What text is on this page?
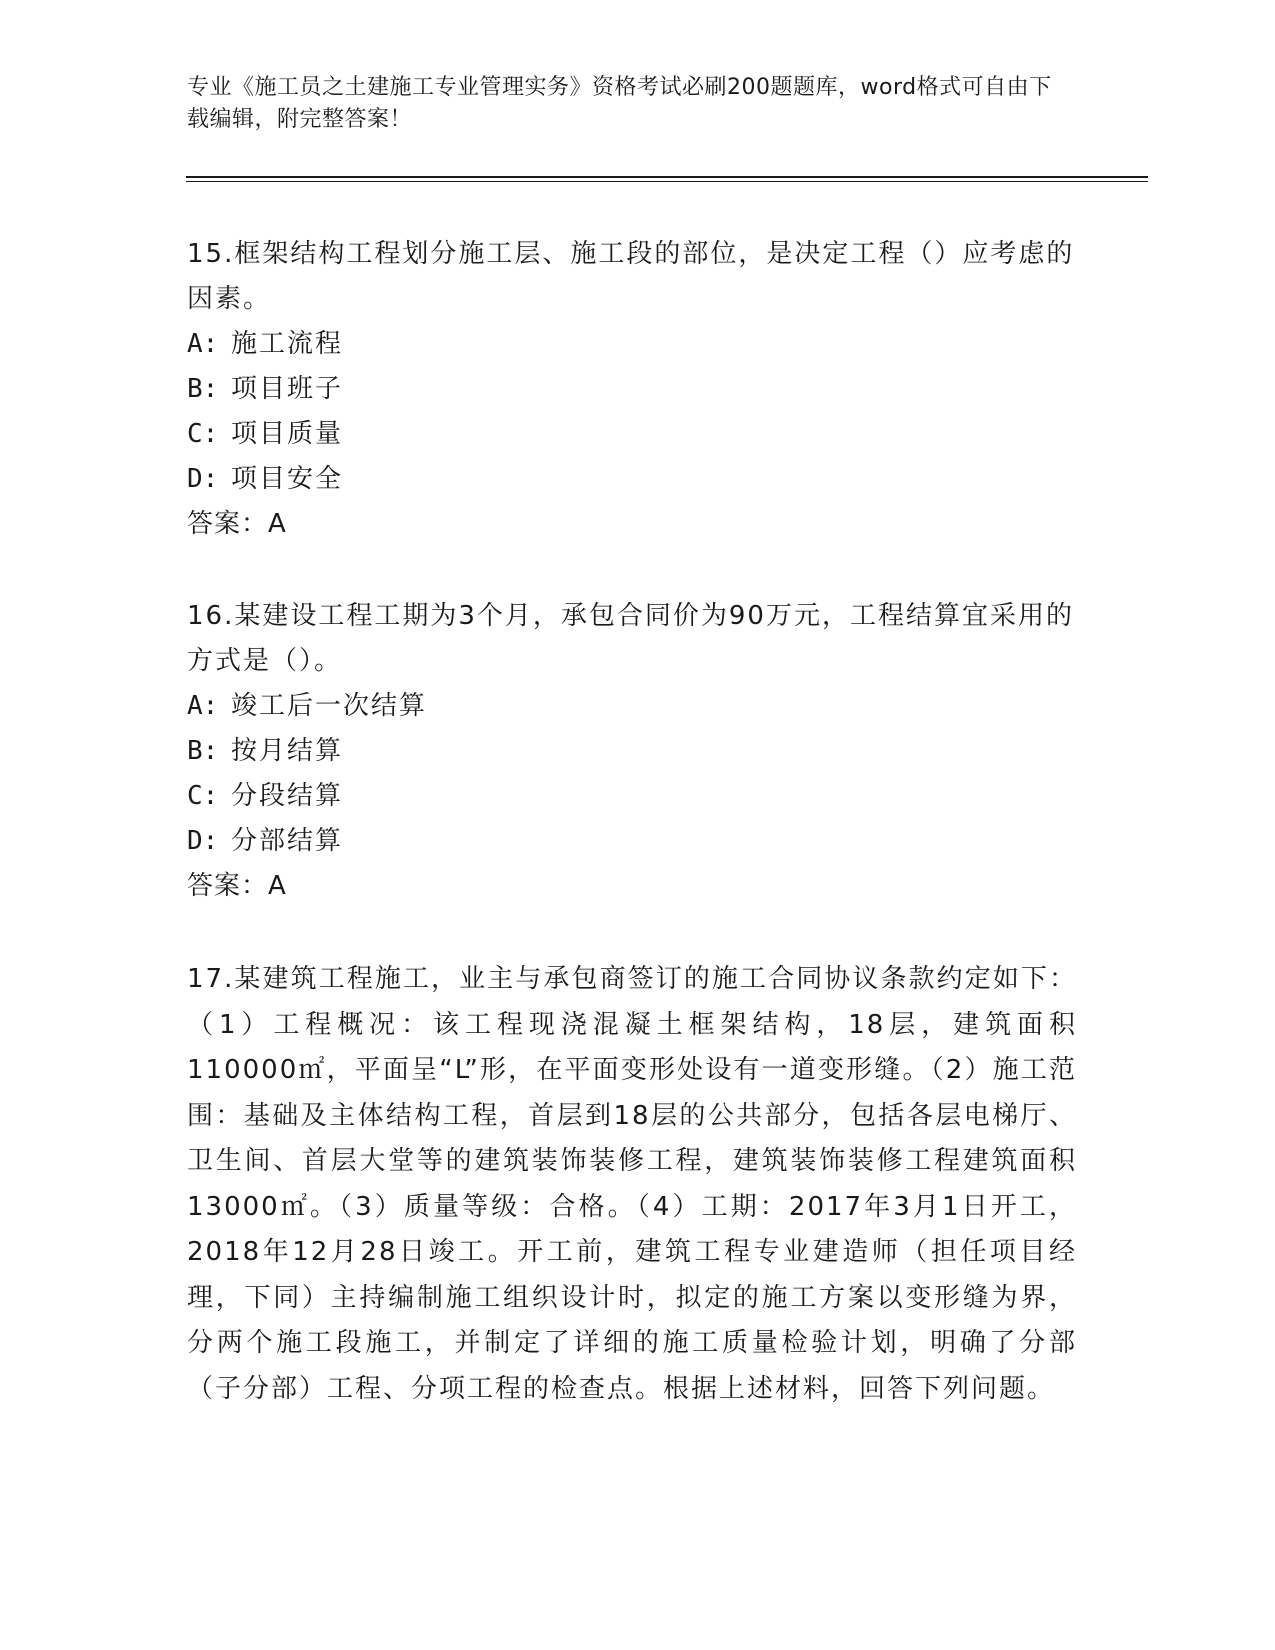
专业《施工员之土建施工专业管理实务》资格考试必刷200题题库，word格式可自由下载编辑，附完整答案！
15.框架结构工程划分施工层、施工段的部位，是决定工程（）应考虑的因素。
A: 施工流程
B: 项目班子
C: 项目质量
D: 项目安全
答案：A
16.某建设工程工期为3个月，承包合同价为90万元，工程结算宜采用的方式是（）。
A: 竣工后一次结算
B: 按月结算
C: 分段结算
D: 分部结算
答案：A
17.某建筑工程施工，业主与承包商签订的施工合同协议条款约定如下：（1）工程概况：该工程现浇混凝土框架结构，18层，建筑面积110000㎡，平面呈“L”形，在平面变形处设有一道变形缝。（2）施工范围：基础及主体结构工程，首层到18层的公共部分，包括各层电梯厅、卫生间、首层大堂等的建筑装饰装修工程，建筑装饰装修工程建筑面积13000㎡。（3）质量等级：合格。（4）工期：2017年3月1日开工，2018年12月28日竣工。开工前，建筑工程专业建造师（担任项目经理，下同）主持编制施工组织设计时，拟定的施工方案以变形缝为界，分两个施工段施工，并制定了详细的施工质量检验计划，明确了分部（子分部）工程、分项工程的检查点。根据上述材料，回答下列问题。
